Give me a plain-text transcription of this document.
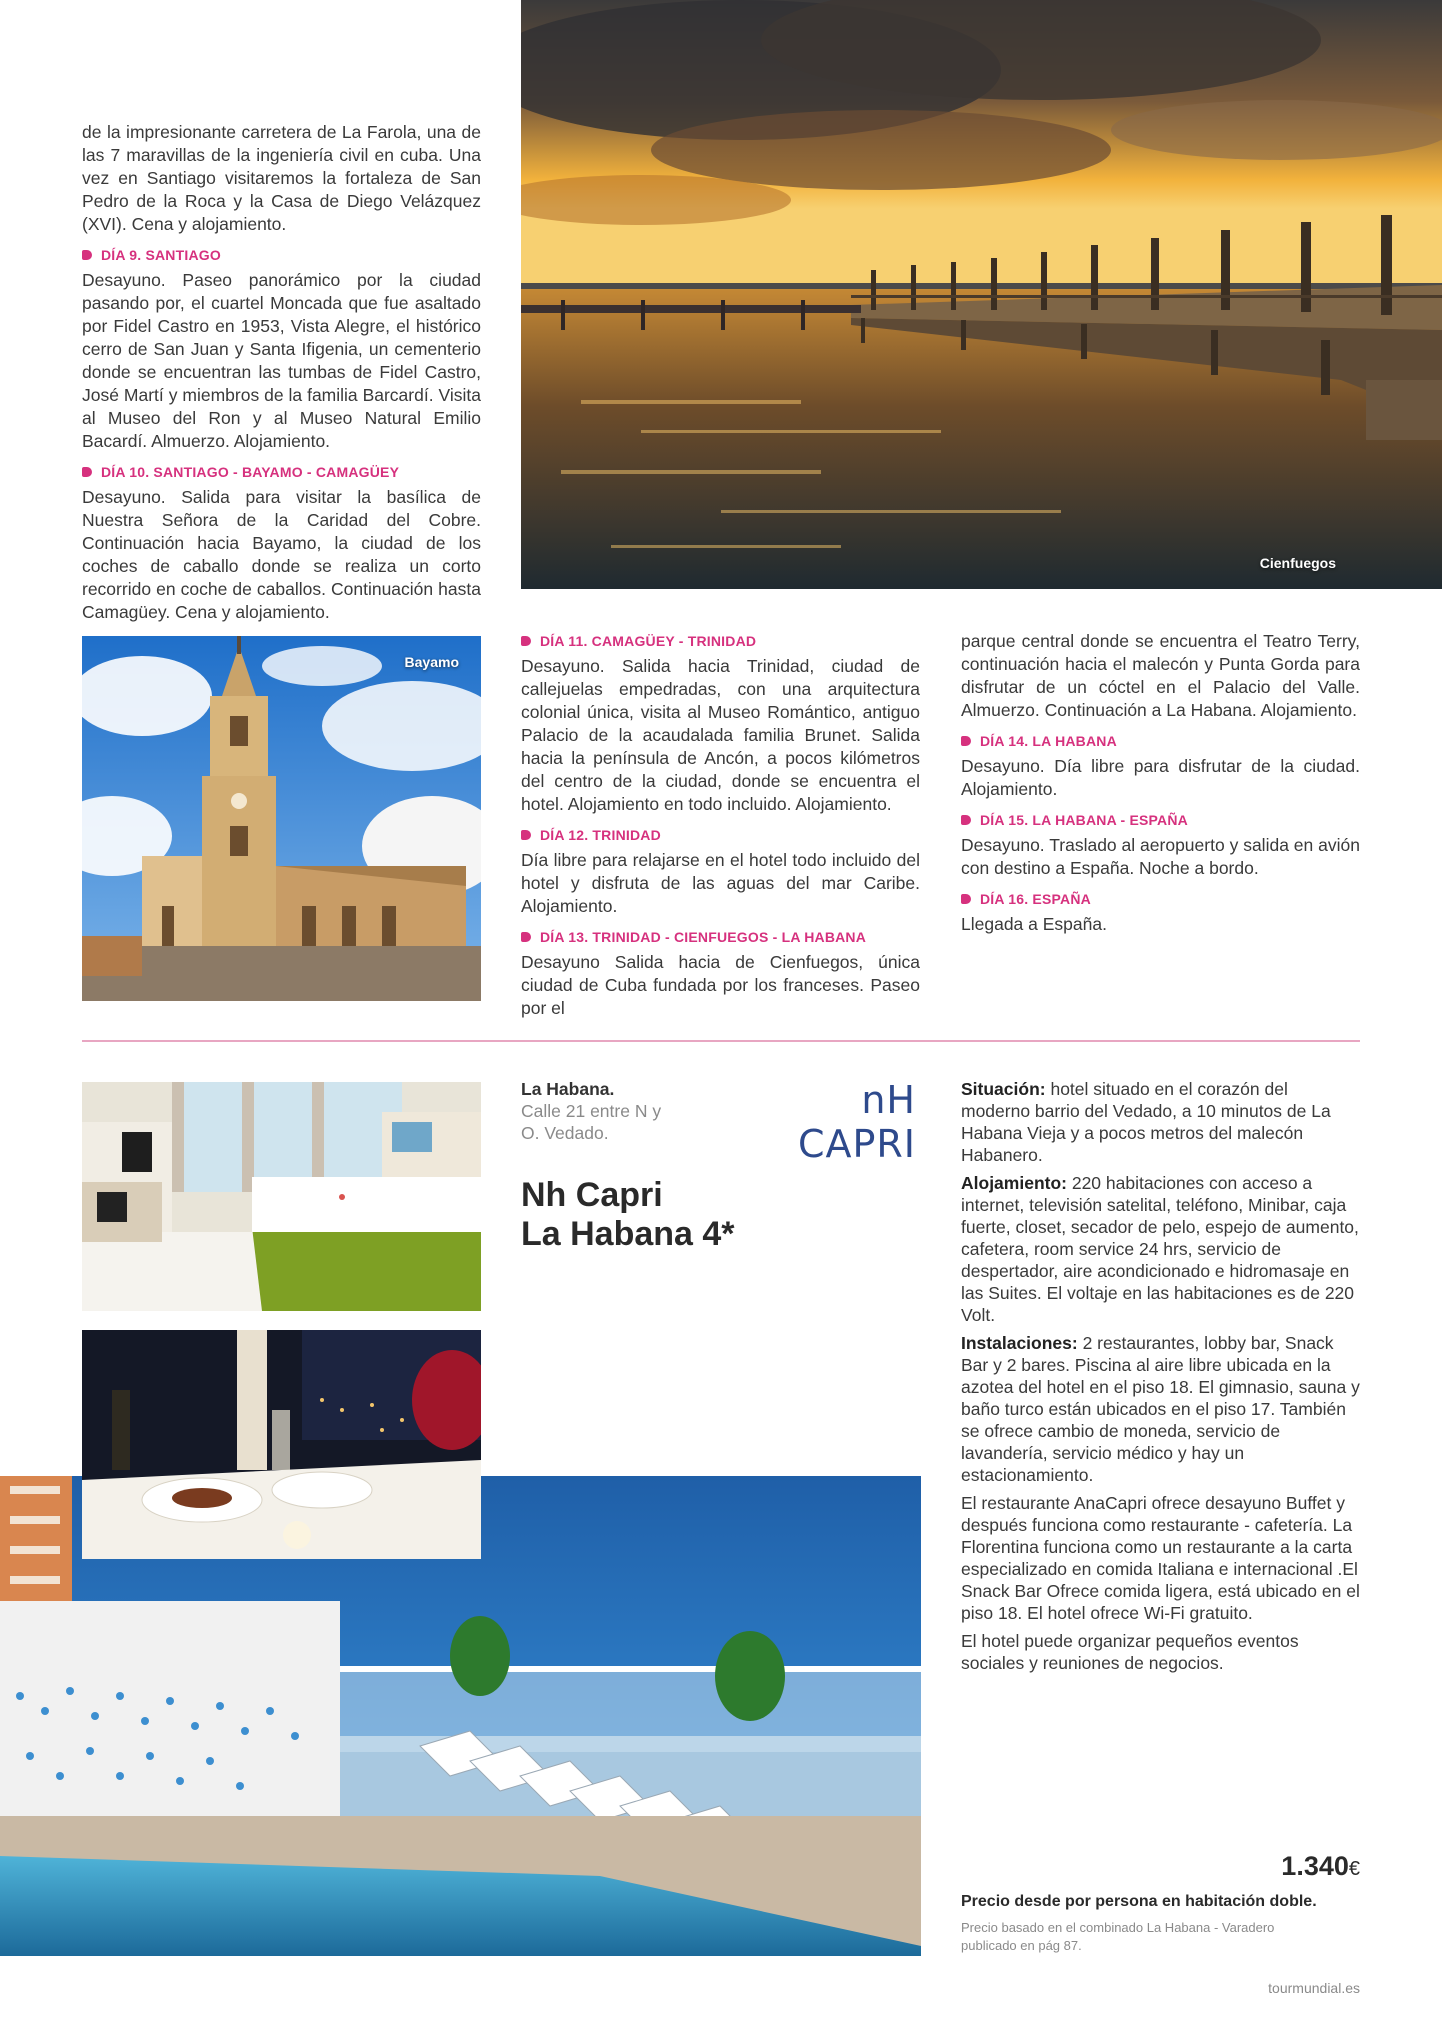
de la impresionante carretera de La Farola, una de las 7 maravillas de la ingeniería civil en cuba. Una vez en Santiago visitaremos la fortaleza de San Pedro de la Roca y la Casa de Diego Velázquez (XVI). Cena y alojamiento.

DÍA 9. SANTIAGO

Desayuno. Paseo panorámico por la ciudad pasando por, el cuartel Moncada que fue asaltado por Fidel Castro en 1953, Vista Alegre, el histórico cerro de San Juan y Santa Ifigenia, un cementerio donde se encuentran las tumbas de Fidel Castro, José Martí y miembros de la familia Barcardí. Visita al Museo del Ron y al Museo Natural Emilio Bacardí. Almuerzo. Alojamiento.

DÍA 10. SANTIAGO - BAYAMO - CAMAGÜEY

Desayuno. Salida para visitar la basílica de Nuestra Señora de la Caridad del Cobre. Continuación hacia Bayamo, la ciudad de los coches de caballo donde se realiza un corto recorrido en coche de caballos. Continuación hasta Camagüey. Cena y alojamiento.

Cienfuegos
Bayamo
DÍA 11. CAMAGÜEY - TRINIDAD

Desayuno. Salida hacia Trinidad, ciudad de callejuelas empedradas, con una arquitectura colonial única, visita al Museo Romántico, antiguo Palacio de la acaudalada familia Brunet. Salida hacia la península de Ancón, a pocos kilómetros del centro de la ciudad, donde se encuentra el hotel. Alojamiento en todo incluido. Alojamiento.

DÍA 12. TRINIDAD

Día libre para relajarse en el hotel todo incluido del hotel y disfruta de las aguas del mar Caribe. Alojamiento.

DÍA 13. TRINIDAD - CIENFUEGOS - LA HABANA

Desayuno Salida hacia de Cienfuegos, única ciudad de Cuba fundada por los franceses. Paseo por el

parque central donde se encuentra el Teatro Terry, continuación hacia el malecón y Punta Gorda para disfrutar de un cóctel en el Palacio del Valle. Almuerzo. Continuación a La Habana. Alojamiento.

DÍA 14. LA HABANA

Desayuno. Día libre para disfrutar de la ciudad. Alojamiento.

DÍA 15. LA HABANA - ESPAÑA

Desayuno. Traslado al aeropuerto y salida en avión con destino a España. Noche a bordo.

DÍA 16. ESPAÑA

Llegada a España.

La Habana.
Calle 21 entre N y
O. Vedado.
nH CAPRI
Nh Capri
La Habana 4*

Situación: hotel situado en el corazón del moderno barrio del Vedado, a 10 minutos de La Habana Vieja y a pocos metros del malecón Habanero.

Alojamiento: 220 habitaciones con acceso a internet, televisión satelital, teléfono, Minibar, caja fuerte, closet, secador de pelo, espejo de aumento, cafetera, room service 24 hrs, servicio de despertador, aire acondicionado e hidromasaje en las Suites. El voltaje en las habitaciones es de 220 Volt.

Instalaciones: 2 restaurantes, lobby bar, Snack Bar y 2 bares. Piscina al aire libre ubicada en la azotea del hotel en el piso 18. El gimnasio, sauna y baño turco están ubicados en el piso 17. También se ofrece cambio de moneda, servicio de lavandería, servicio médico y hay un estacionamiento.

El restaurante AnaCapri ofrece desayuno Buffet y después funciona como restaurante - cafetería. La Florentina funciona como un restaurante a la carta especializado en comida Italiana e internacional .El Snack Bar Ofrece comida ligera, está ubicado en el piso 18. El hotel ofrece Wi-Fi gratuito.

El hotel puede organizar pequeños eventos sociales y reuniones de negocios.

1.340€
Precio desde por persona en habitación doble.
Precio basado en el combinado La Habana - Varadero publicado en pág 87.
tourmundial.es
